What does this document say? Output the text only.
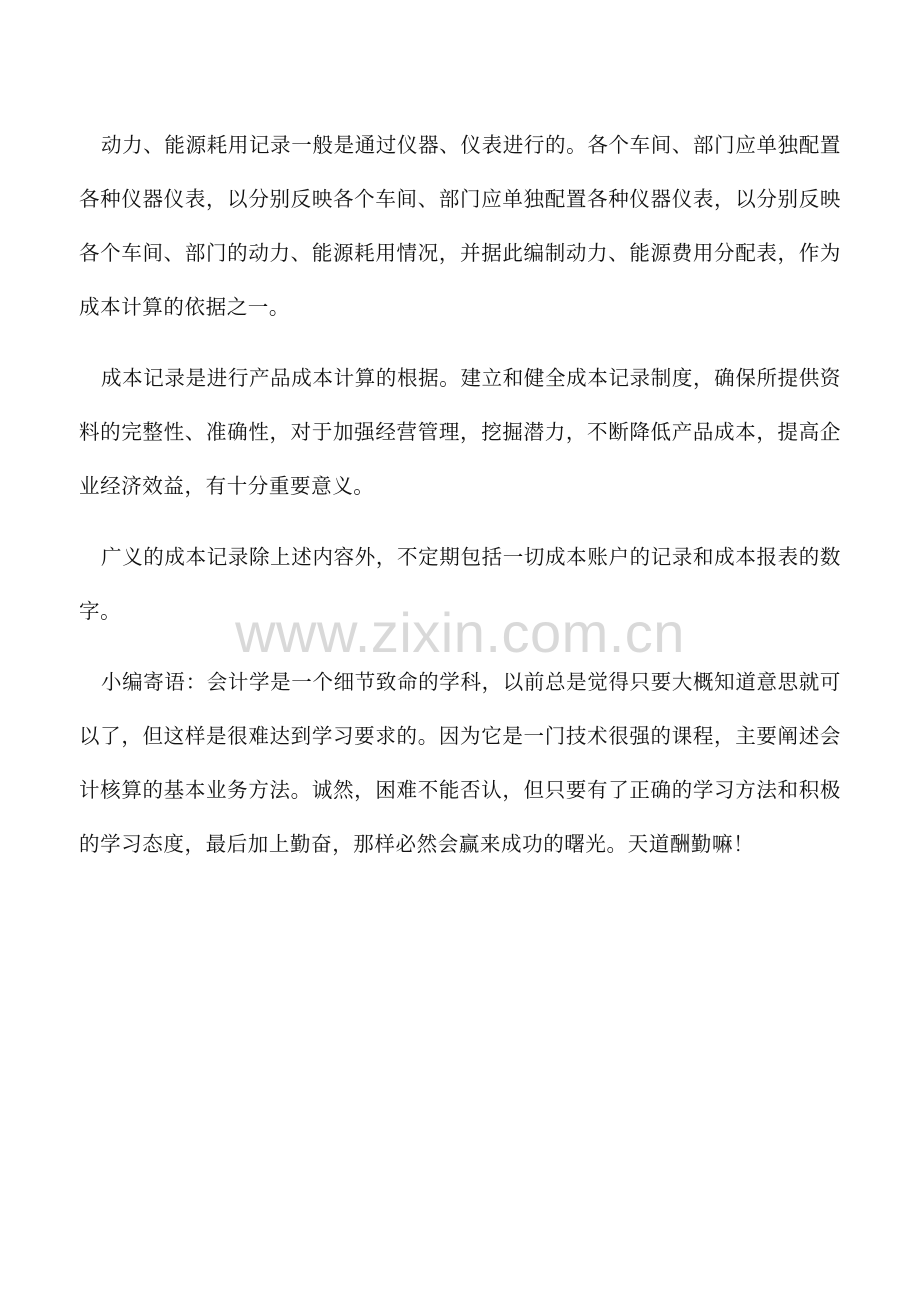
动力、能源耗用记录一般是通过仪器、仪表进行的。各个车间、部门应单独配置各种仪器仪表，以分别反映各个车间、部门应单独配置各种仪器仪表，以分别反映各个车间、部门的动力、能源耗用情况，并据此编制动力、能源费用分配表，作为成本计算的依据之一。

成本记录是进行产品成本计算的根据。建立和健全成本记录制度，确保所提供资料的完整性、准确性，对于加强经营管理，挖掘潜力，不断降低产品成本，提高企业经济效益，有十分重要意义。

广义的成本记录除上述内容外，不定期包括一切成本账户的记录和成本报表的数字。

小编寄语：会计学是一个细节致命的学科，以前总是觉得只要大概知道意思就可以了，但这样是很难达到学习要求的。因为它是一门技术很强的课程，主要阐述会计核算的基本业务方法。诚然，困难不能否认，但只要有了正确的学习方法和积极的学习态度，最后加上勤奋，那样必然会赢来成功的曙光。天道酬勤嘛！

www.zixin.com.cn
